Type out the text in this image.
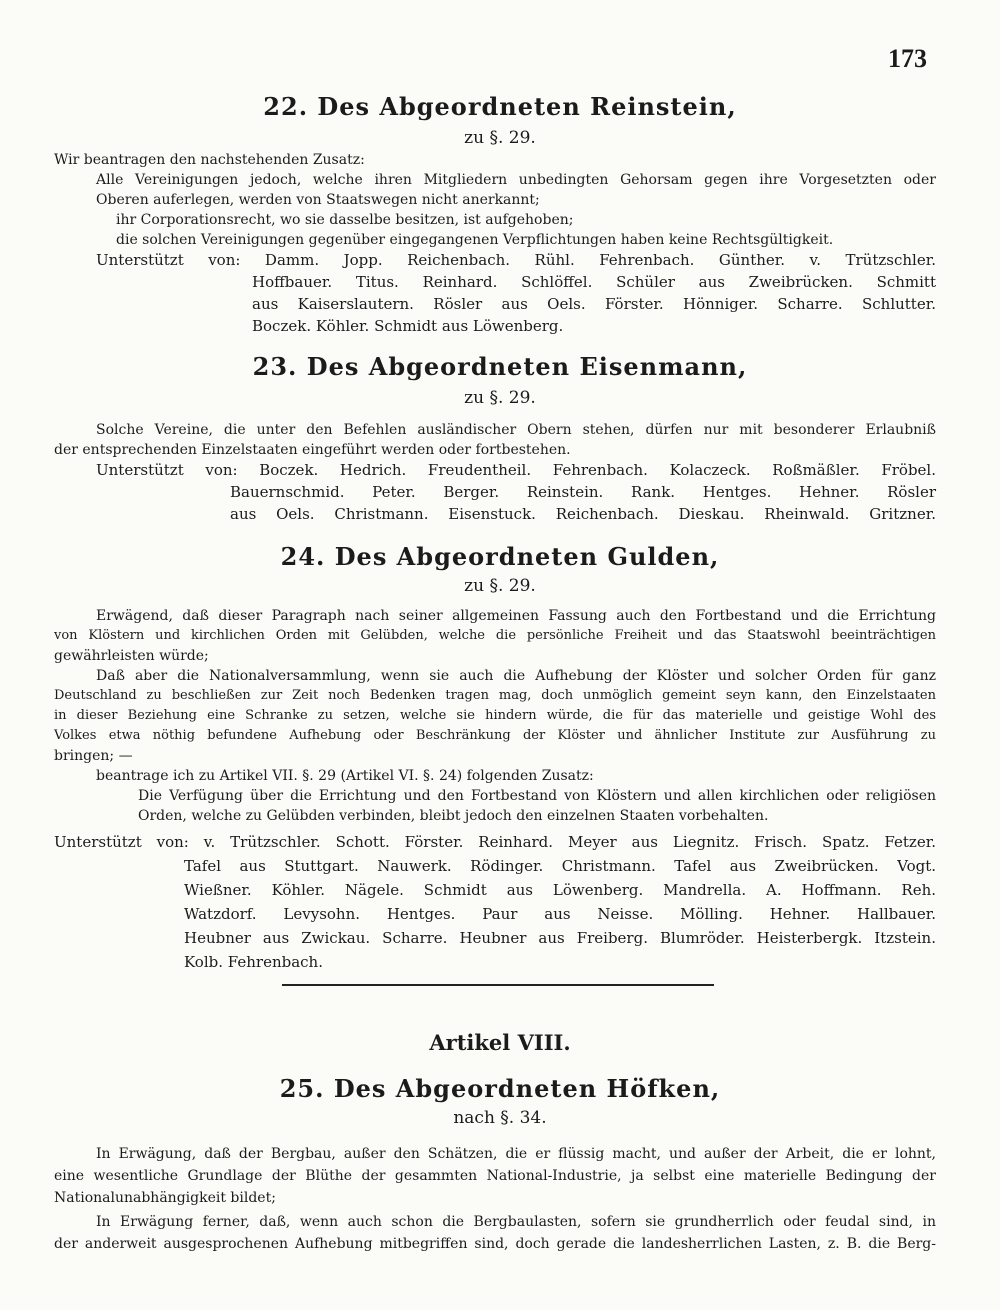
173
22. Des Abgeordneten Reinstein,
zu §. 29.
Wir beantragen den nachstehenden Zusatz:
Alle Vereinigungen jedoch, welche ihren Mitgliedern unbedingten Gehorsam gegen ihre Vorgesetzten oder
Oberen auferlegen, werden von Staatswegen nicht anerkannt;
ihr Corporationsrecht, wo sie dasselbe besitzen, ist aufgehoben;
die solchen Vereinigungen gegenüber eingegangenen Verpflichtungen haben keine Rechtsgültigkeit.
Unterstützt von: Damm. Jopp. Reichenbach. Rühl. Fehrenbach. Günther. v. Trützschler.
Hoffbauer. Titus. Reinhard. Schlöffel. Schüler aus Zweibrücken. Schmitt
aus Kaiserslautern. Rösler aus Oels. Förster. Hönniger. Scharre. Schlutter.
Boczek. Köhler. Schmidt aus Löwenberg.
23. Des Abgeordneten Eisenmann,
zu §. 29.
Solche Vereine, die unter den Befehlen ausländischer Obern stehen, dürfen nur mit besonderer Erlaubniß
der entsprechenden Einzelstaaten eingeführt werden oder fortbestehen.
Unterstützt von: Boczek. Hedrich. Freudentheil. Fehrenbach. Kolaczeck. Roßmäßler. Fröbel.
Bauernschmid. Peter. Berger. Reinstein. Rank. Hentges. Hehner. Rösler
aus Oels. Christmann. Eisenstuck. Reichenbach. Dieskau. Rheinwald. Gritzner.
24. Des Abgeordneten Gulden,
zu §. 29.
Erwägend, daß dieser Paragraph nach seiner allgemeinen Fassung auch den Fortbestand und die Errichtung
von Klöstern und kirchlichen Orden mit Gelübden, welche die persönliche Freiheit und das Staatswohl beeinträchtigen
gewährleisten würde;
Daß aber die Nationalversammlung, wenn sie auch die Aufhebung der Klöster und solcher Orden für ganz
Deutschland zu beschließen zur Zeit noch Bedenken tragen mag, doch unmöglich gemeint seyn kann, den Einzelstaaten
in dieser Beziehung eine Schranke zu setzen, welche sie hindern würde, die für das materielle und geistige Wohl des
Volkes etwa nöthig befundene Aufhebung oder Beschränkung der Klöster und ähnlicher Institute zur Ausführung zu
bringen; —
beantrage ich zu Artikel VII. §. 29 (Artikel VI. §. 24) folgenden Zusatz:
Die Verfügung über die Errichtung und den Fortbestand von Klöstern und allen kirchlichen oder religiösen
Orden, welche zu Gelübden verbinden, bleibt jedoch den einzelnen Staaten vorbehalten.
Unterstützt von: v. Trützschler. Schott. Förster. Reinhard. Meyer aus Liegnitz. Frisch. Spatz. Fetzer.
Tafel aus Stuttgart. Nauwerk. Rödinger. Christmann. Tafel aus Zweibrücken. Vogt.
Wießner. Köhler. Nägele. Schmidt aus Löwenberg. Mandrella. A. Hoffmann. Reh.
Watzdorf. Levysohn. Hentges. Paur aus Neisse. Mölling. Hehner. Hallbauer.
Heubner aus Zwickau. Scharre. Heubner aus Freiberg. Blumröder. Heisterbergk. Itzstein.
Kolb. Fehrenbach.
Artikel VIII.
25. Des Abgeordneten Höfken,
nach §. 34.
In Erwägung, daß der Bergbau, außer den Schätzen, die er flüssig macht, und außer der Arbeit, die er lohnt,
eine wesentliche Grundlage der Blüthe der gesammten National-Industrie, ja selbst eine materielle Bedingung der
Nationalunabhängigkeit bildet;
In Erwägung ferner, daß, wenn auch schon die Bergbaulasten, sofern sie grundherrlich oder feudal sind, in
der anderweit ausgesprochenen Aufhebung mitbegriffen sind, doch gerade die landesherrlichen Lasten, z. B. die Berg-
